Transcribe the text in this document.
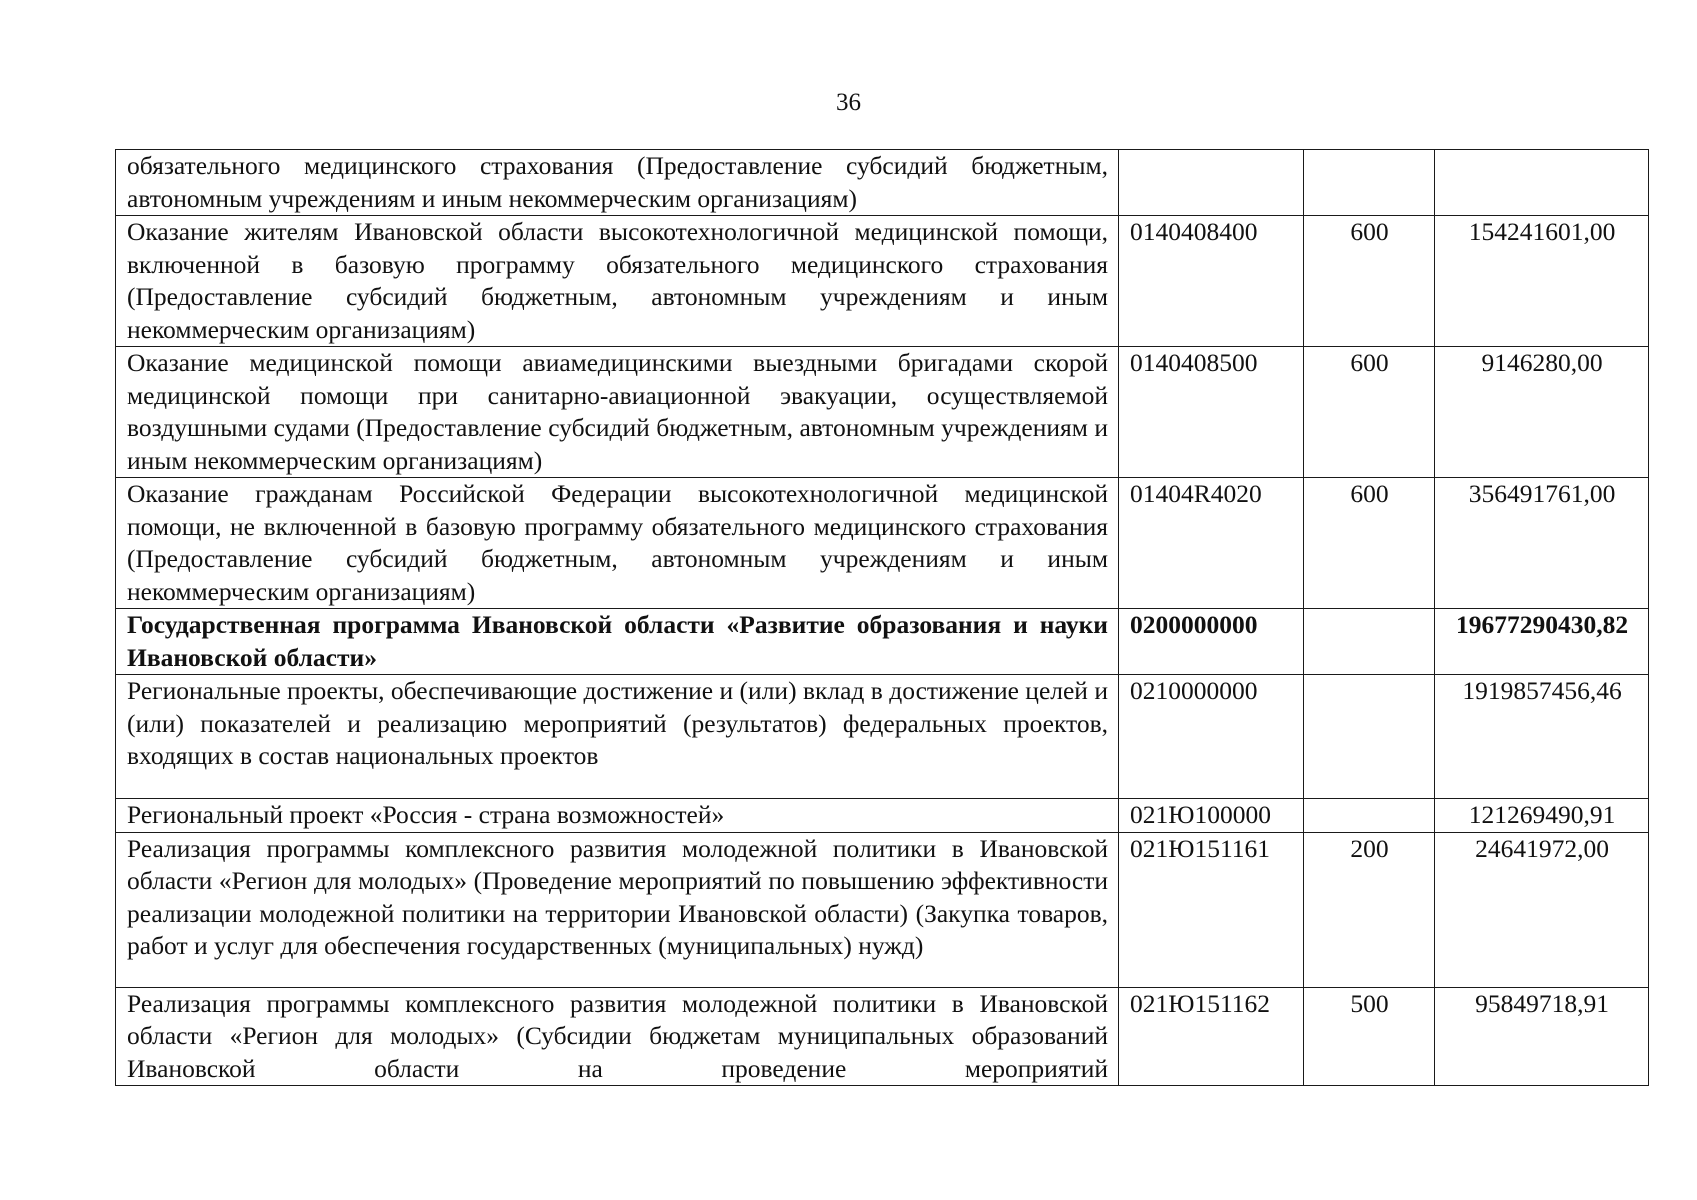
36
обязательного медицинского страхования (Предоставление субсидий бюджетным, автономным учреждениям и иным некоммерческим организациям)			
Оказание жителям Ивановской области высокотехнологичной медицинской помощи, включенной в базовую программу обязательного медицинского страхования (Предоставление субсидий бюджетным, автономным учреждениям и иным некоммерческим организациям)	0140408400	600	154241601,00
Оказание медицинской помощи авиамедицинскими выездными бригадами скорой медицинской помощи при санитарно-авиационной эвакуации, осуществляемой воздушными судами (Предоставление субсидий бюджетным, автономным учреждениям и иным некоммерческим организациям)	0140408500	600	9146280,00
Оказание гражданам Российской Федерации высокотехнологичной медицинской помощи, не включенной в базовую программу обязательного медицинского страхования (Предоставление субсидий бюджетным, автономным учреждениям и иным некоммерческим организациям)	01404R4020	600	356491761,00
Государственная программа Ивановской области «Развитие образования и науки Ивановской области»	0200000000		19677290430,82
Региональные проекты, обеспечивающие достижение и (или) вклад в достижение целей и (или) показателей и реализацию мероприятий (результатов) федеральных проектов, входящих в состав национальных проектов	0210000000		1919857456,46
Региональный проект «Россия - страна возможностей»	021Ю100000		121269490,91
Реализация программы комплексного развития молодежной политики в Ивановской области «Регион для молодых» (Проведение мероприятий по повышению эффективности реализации молодежной политики на территории Ивановской области) (Закупка товаров, работ и услуг для обеспечения государственных (муниципальных) нужд)	021Ю151161	200	24641972,00
Реализация программы комплексного развития молодежной политики в Ивановской области «Регион для молодых» (Субсидии бюджетам муниципальных образований Ивановской области на проведение мероприятий	021Ю151162	500	95849718,91
